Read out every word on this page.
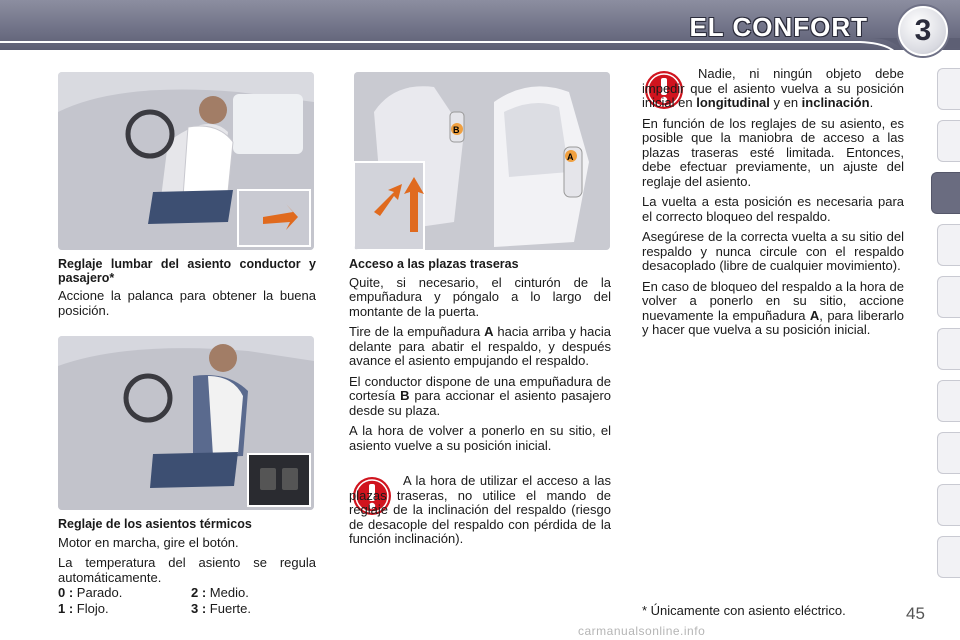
EL CONFORT	3
B
A
Reglaje lumbar del asiento conductor y pasajero*

Accione la palanca para obtener la buena posición.

Reglaje de los asientos térmicos

Motor en marcha, gire el botón.

La temperatura del asiento se regula automáticamente.

0 : Parado.
1 : Flojo.
2 : Medio.
3 : Fuerte.
Acceso a las plazas traseras

Quite, si necesario, el cinturón de la empuñadura y póngalo a lo largo del montante de la puerta.

Tire de la empuñadura A hacia arriba y hacia delante para abatir el respaldo, y después avance el asiento empujando el respaldo.

El conductor dispone de una empuñadura de cortesía B para accionar el asiento pasajero desde su plaza.

A la hora de volver a ponerlo en su sitio, el asiento vuelve a su posición inicial.

A la hora de utilizar el acceso a las plazas traseras, no utilice el mando de reglaje de la inclinación del respaldo (riesgo de desacople del respaldo con pérdida de la función inclinación).

Nadie, ni ningún objeto debe impedir que el asiento vuelva a su posición inicial en longitudinal y en inclinación.

En función de los reglajes de su asiento, es posible que la maniobra de acceso a las plazas traseras esté limitada. Entonces, debe efectuar previamente, un ajuste del reglaje del asiento.

La vuelta a esta posición es necesaria para el correcto bloqueo del respaldo.

Asegúrese de la correcta vuelta a su sitio del respaldo y nunca circule con el respaldo desacoplado (libre de cualquier movimiento).

En caso de bloqueo del respaldo a la hora de volver a ponerlo en su sitio, accione nuevamente la empuñadura A, para liberarlo y hacer que vuelva a su posición inicial.

* Únicamente con asiento eléctrico.	45
carmanualsonline.info
